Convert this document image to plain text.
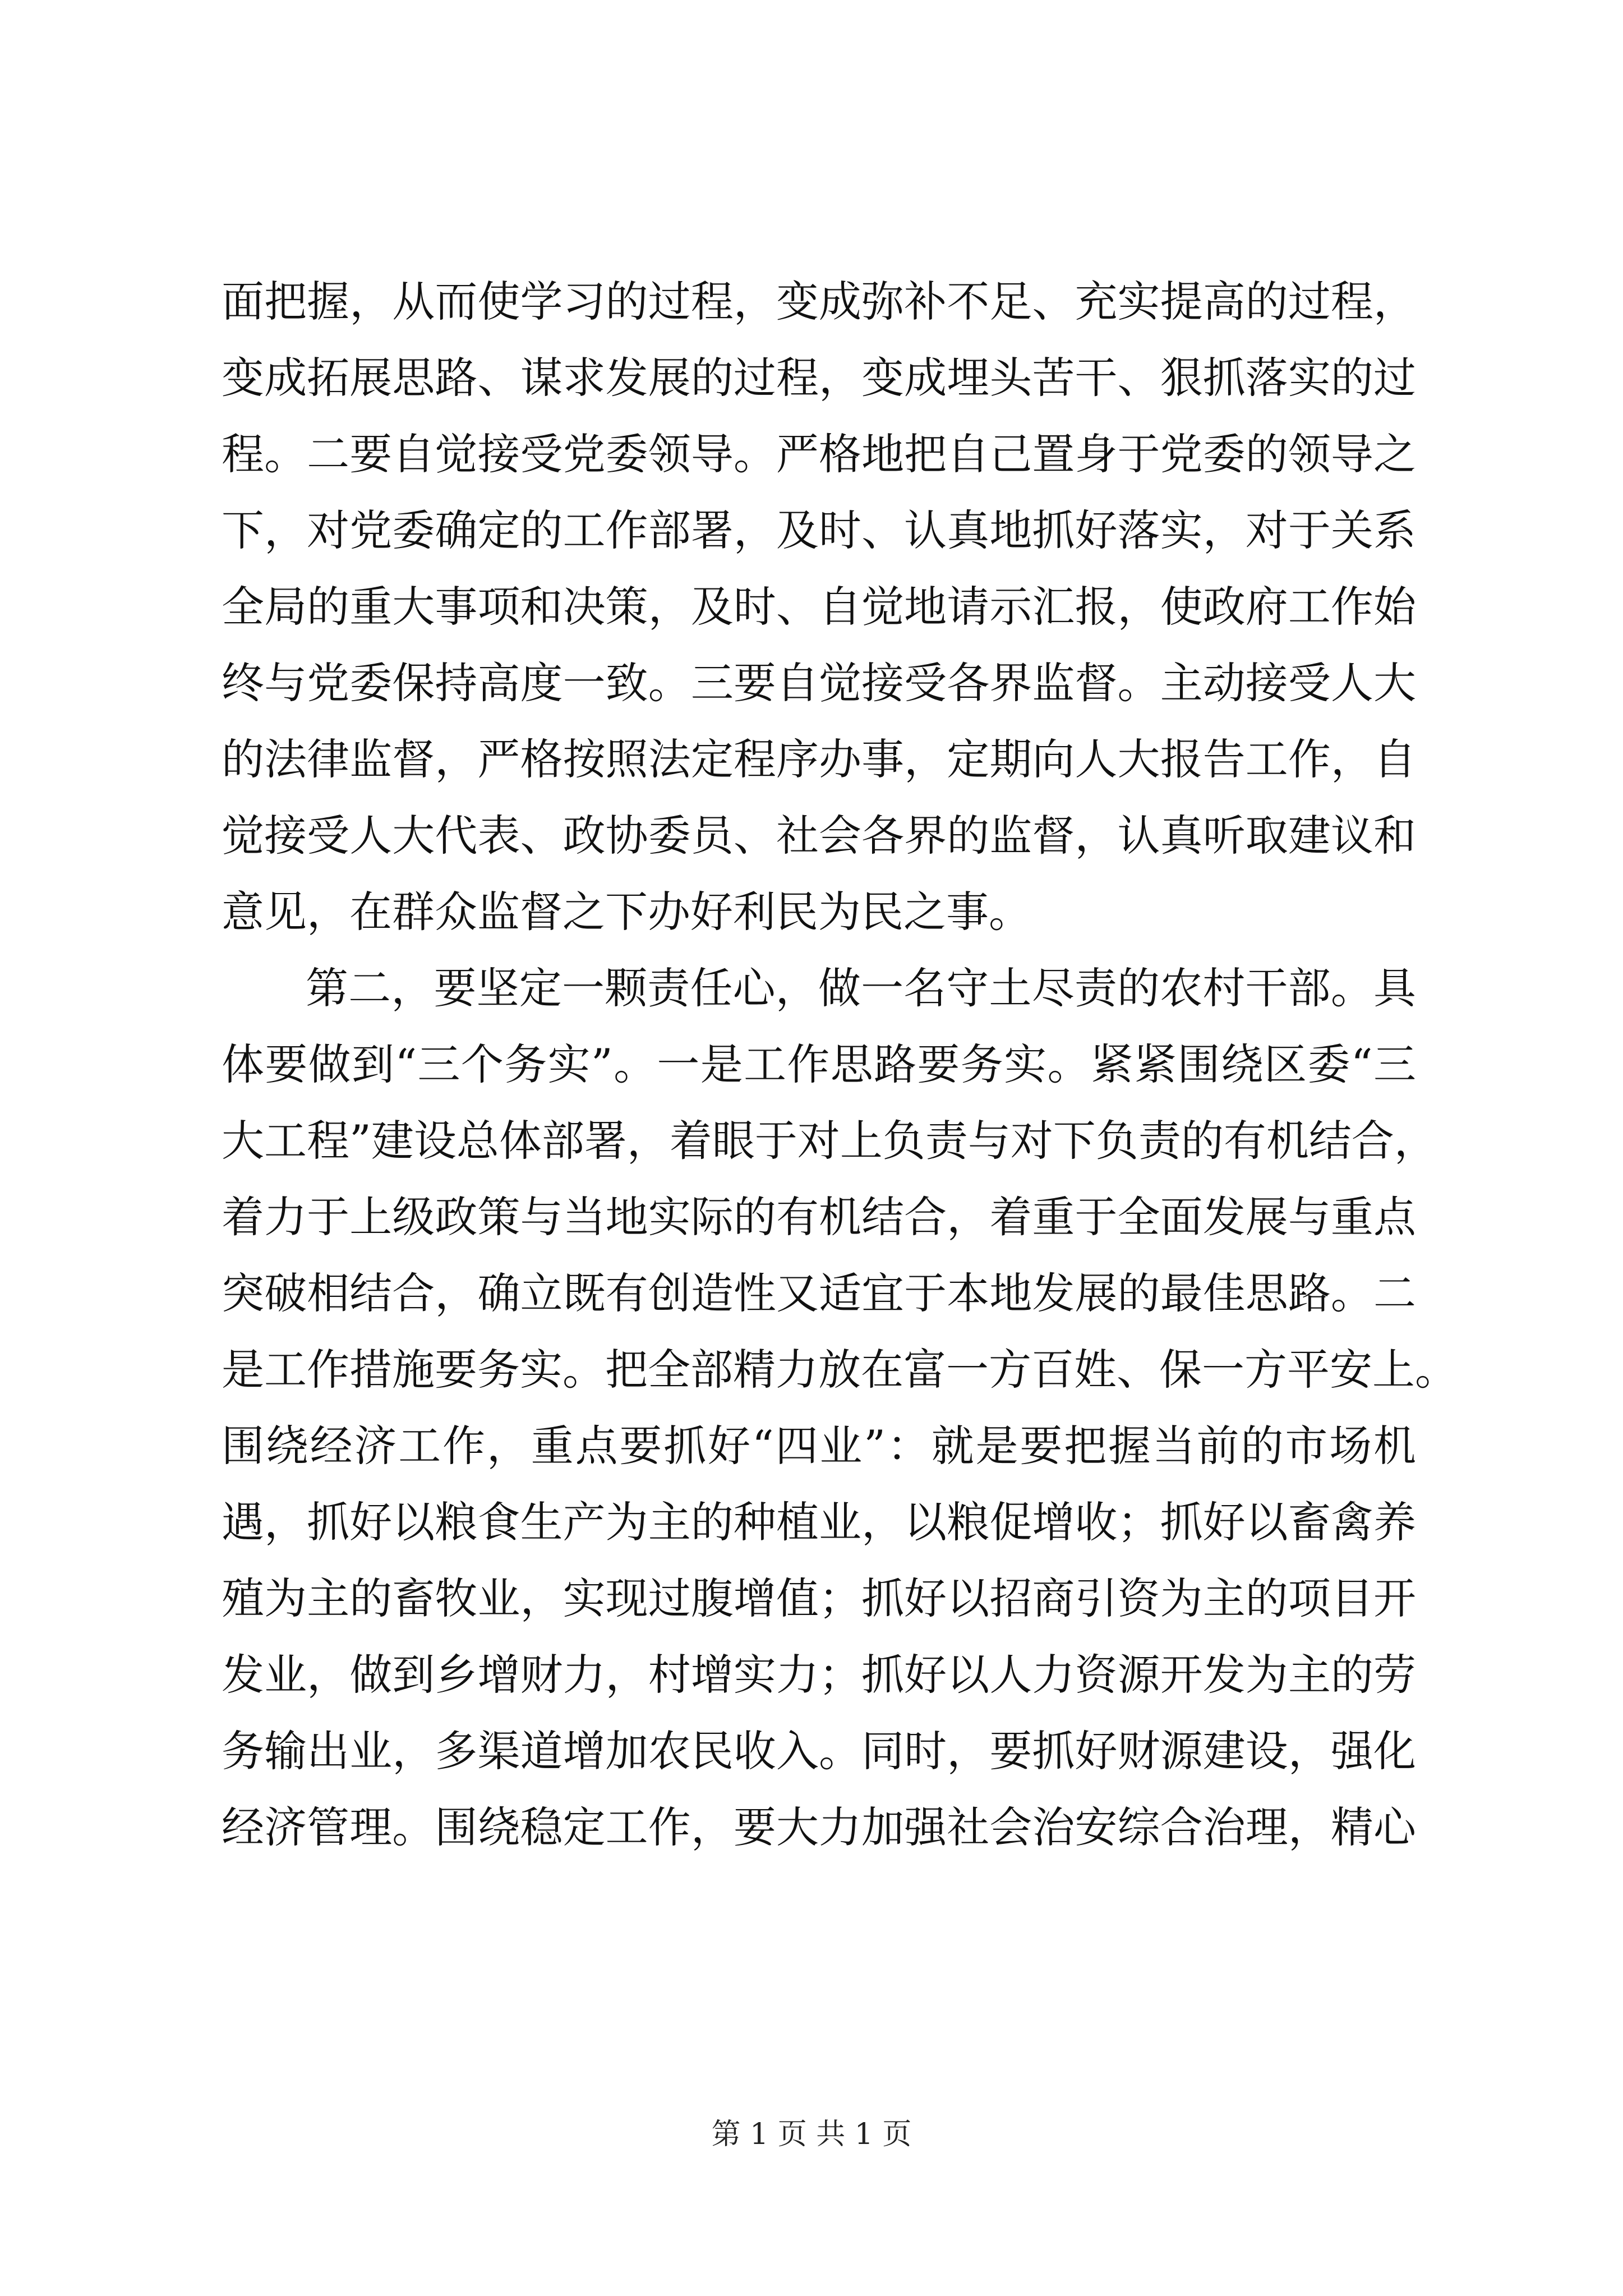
面把握，从而使学习的过程，变成弥补不足、充实提高的过程，
变成拓展思路、谋求发展的过程，变成埋头苦干、狠抓落实的过
程。二要自觉接受党委领导。严格地把自己置身于党委的领导之
下，对党委确定的工作部署，及时、认真地抓好落实，对于关系
全局的重大事项和决策，及时、自觉地请示汇报，使政府工作始
终与党委保持高度一致。三要自觉接受各界监督。主动接受人大
的法律监督，严格按照法定程序办事，定期向人大报告工作，自
觉接受人大代表、政协委员、社会各界的监督，认真听取建议和
意见，在群众监督之下办好利民为民之事。
第二，要坚定一颗责任心，做一名守土尽责的农村干部。具
体要做到“三个务实”。一是工作思路要务实。紧紧围绕区委“三
大工程”建设总体部署，着眼于对上负责与对下负责的有机结合，
着力于上级政策与当地实际的有机结合，着重于全面发展与重点
突破相结合，确立既有创造性又适宜于本地发展的最佳思路。二
是工作措施要务实。把全部精力放在富一方百姓、保一方平安上。
围绕经济工作，重点要抓好“四业”：就是要把握当前的市场机
遇，抓好以粮食生产为主的种植业，以粮促增收；抓好以畜禽养
殖为主的畜牧业，实现过腹增值；抓好以招商引资为主的项目开
发业，做到乡增财力，村增实力；抓好以人力资源开发为主的劳
务输出业，多渠道增加农民收入。同时，要抓好财源建设，强化
经济管理。围绕稳定工作，要大力加强社会治安综合治理，精心
第 1 页 共 1 页
